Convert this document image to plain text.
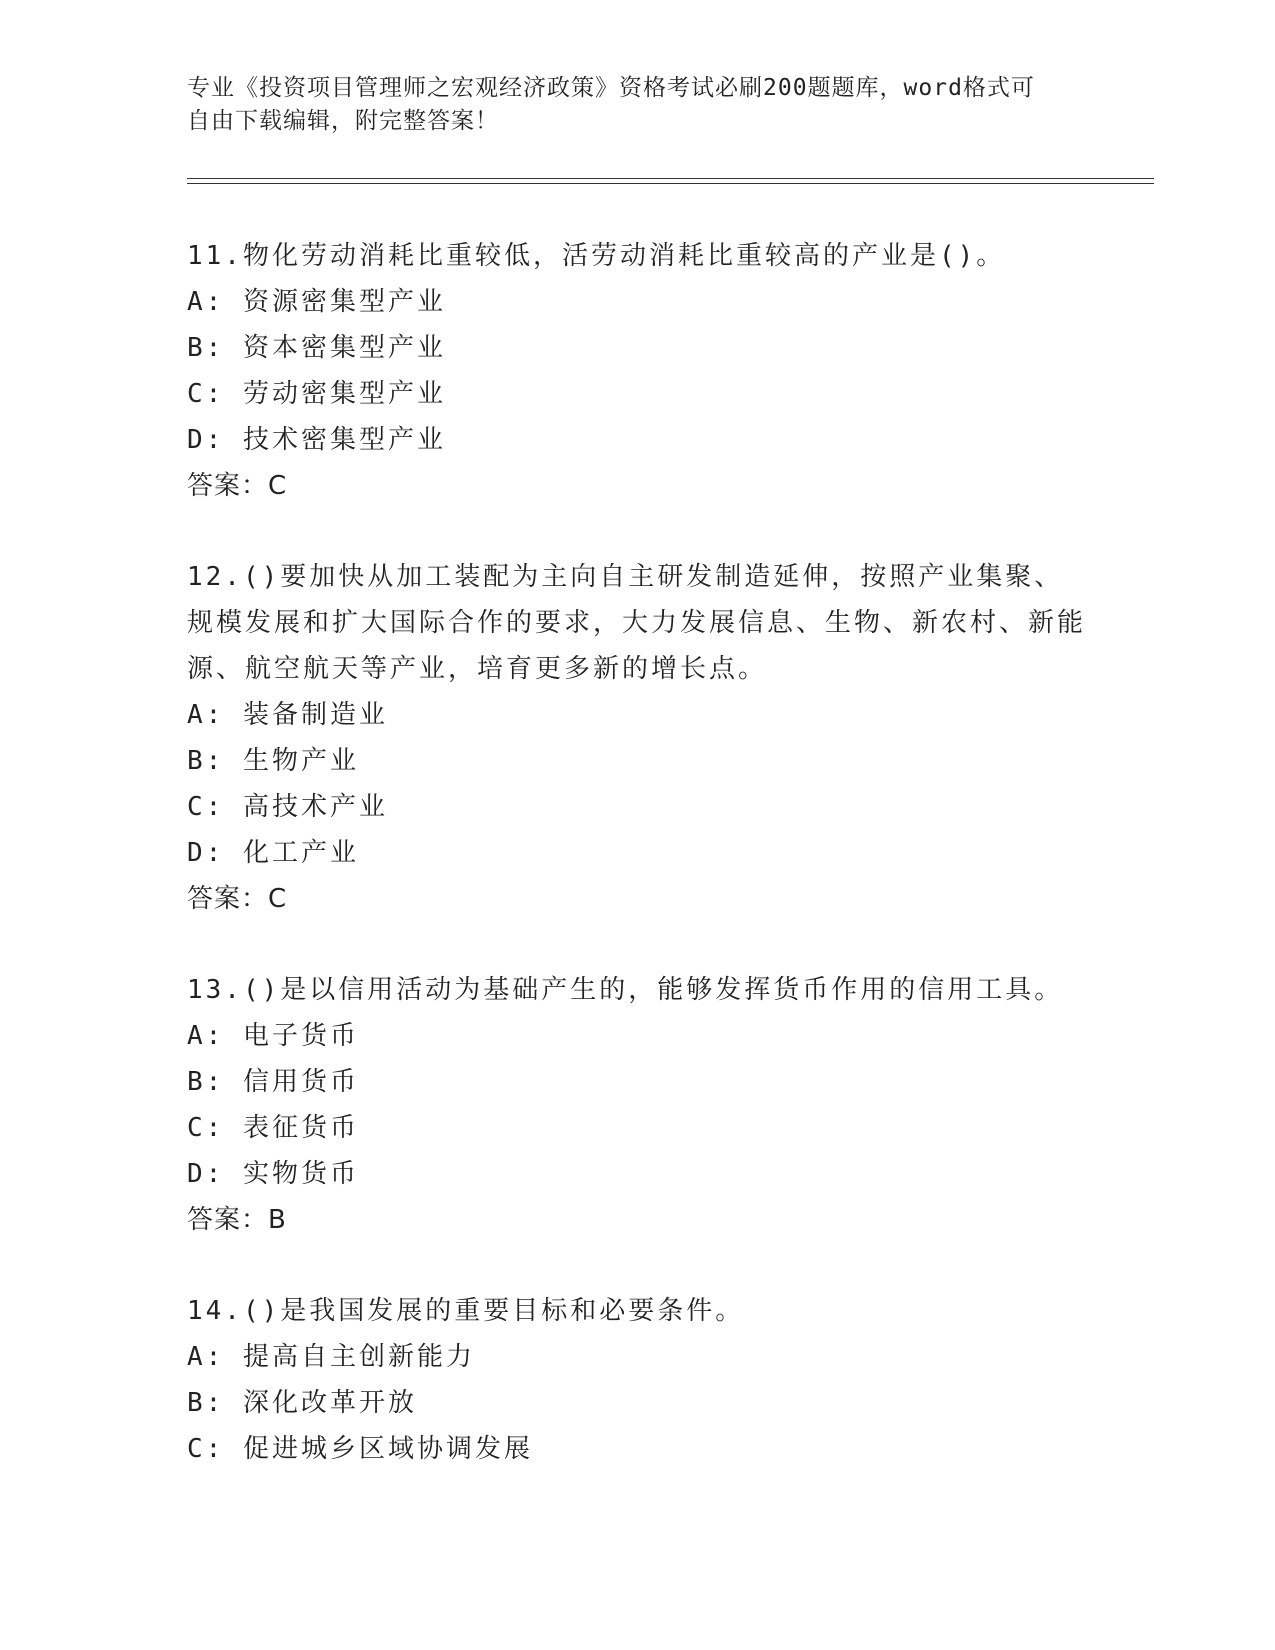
专业《投资项目管理师之宏观经济政策》资格考试必刷200题题库，word格式可
自由下载编辑，附完整答案！
11.物化劳动消耗比重较低，活劳动消耗比重较高的产业是()。
A: 资源密集型产业
B: 资本密集型产业
C: 劳动密集型产业
D: 技术密集型产业
答案：C
12.()要加快从加工装配为主向自主研发制造延伸，按照产业集聚、规模发展和扩大国际合作的要求，大力发展信息、生物、新农村、新能源、航空航天等产业，培育更多新的增长点。
A: 装备制造业
B: 生物产业
C: 高技术产业
D: 化工产业
答案：C
13.()是以信用活动为基础产生的，能够发挥货币作用的信用工具。
A: 电子货币
B: 信用货币
C: 表征货币
D: 实物货币
答案：B
14.()是我国发展的重要目标和必要条件。
A: 提高自主创新能力
B: 深化改革开放
C: 促进城乡区域协调发展
